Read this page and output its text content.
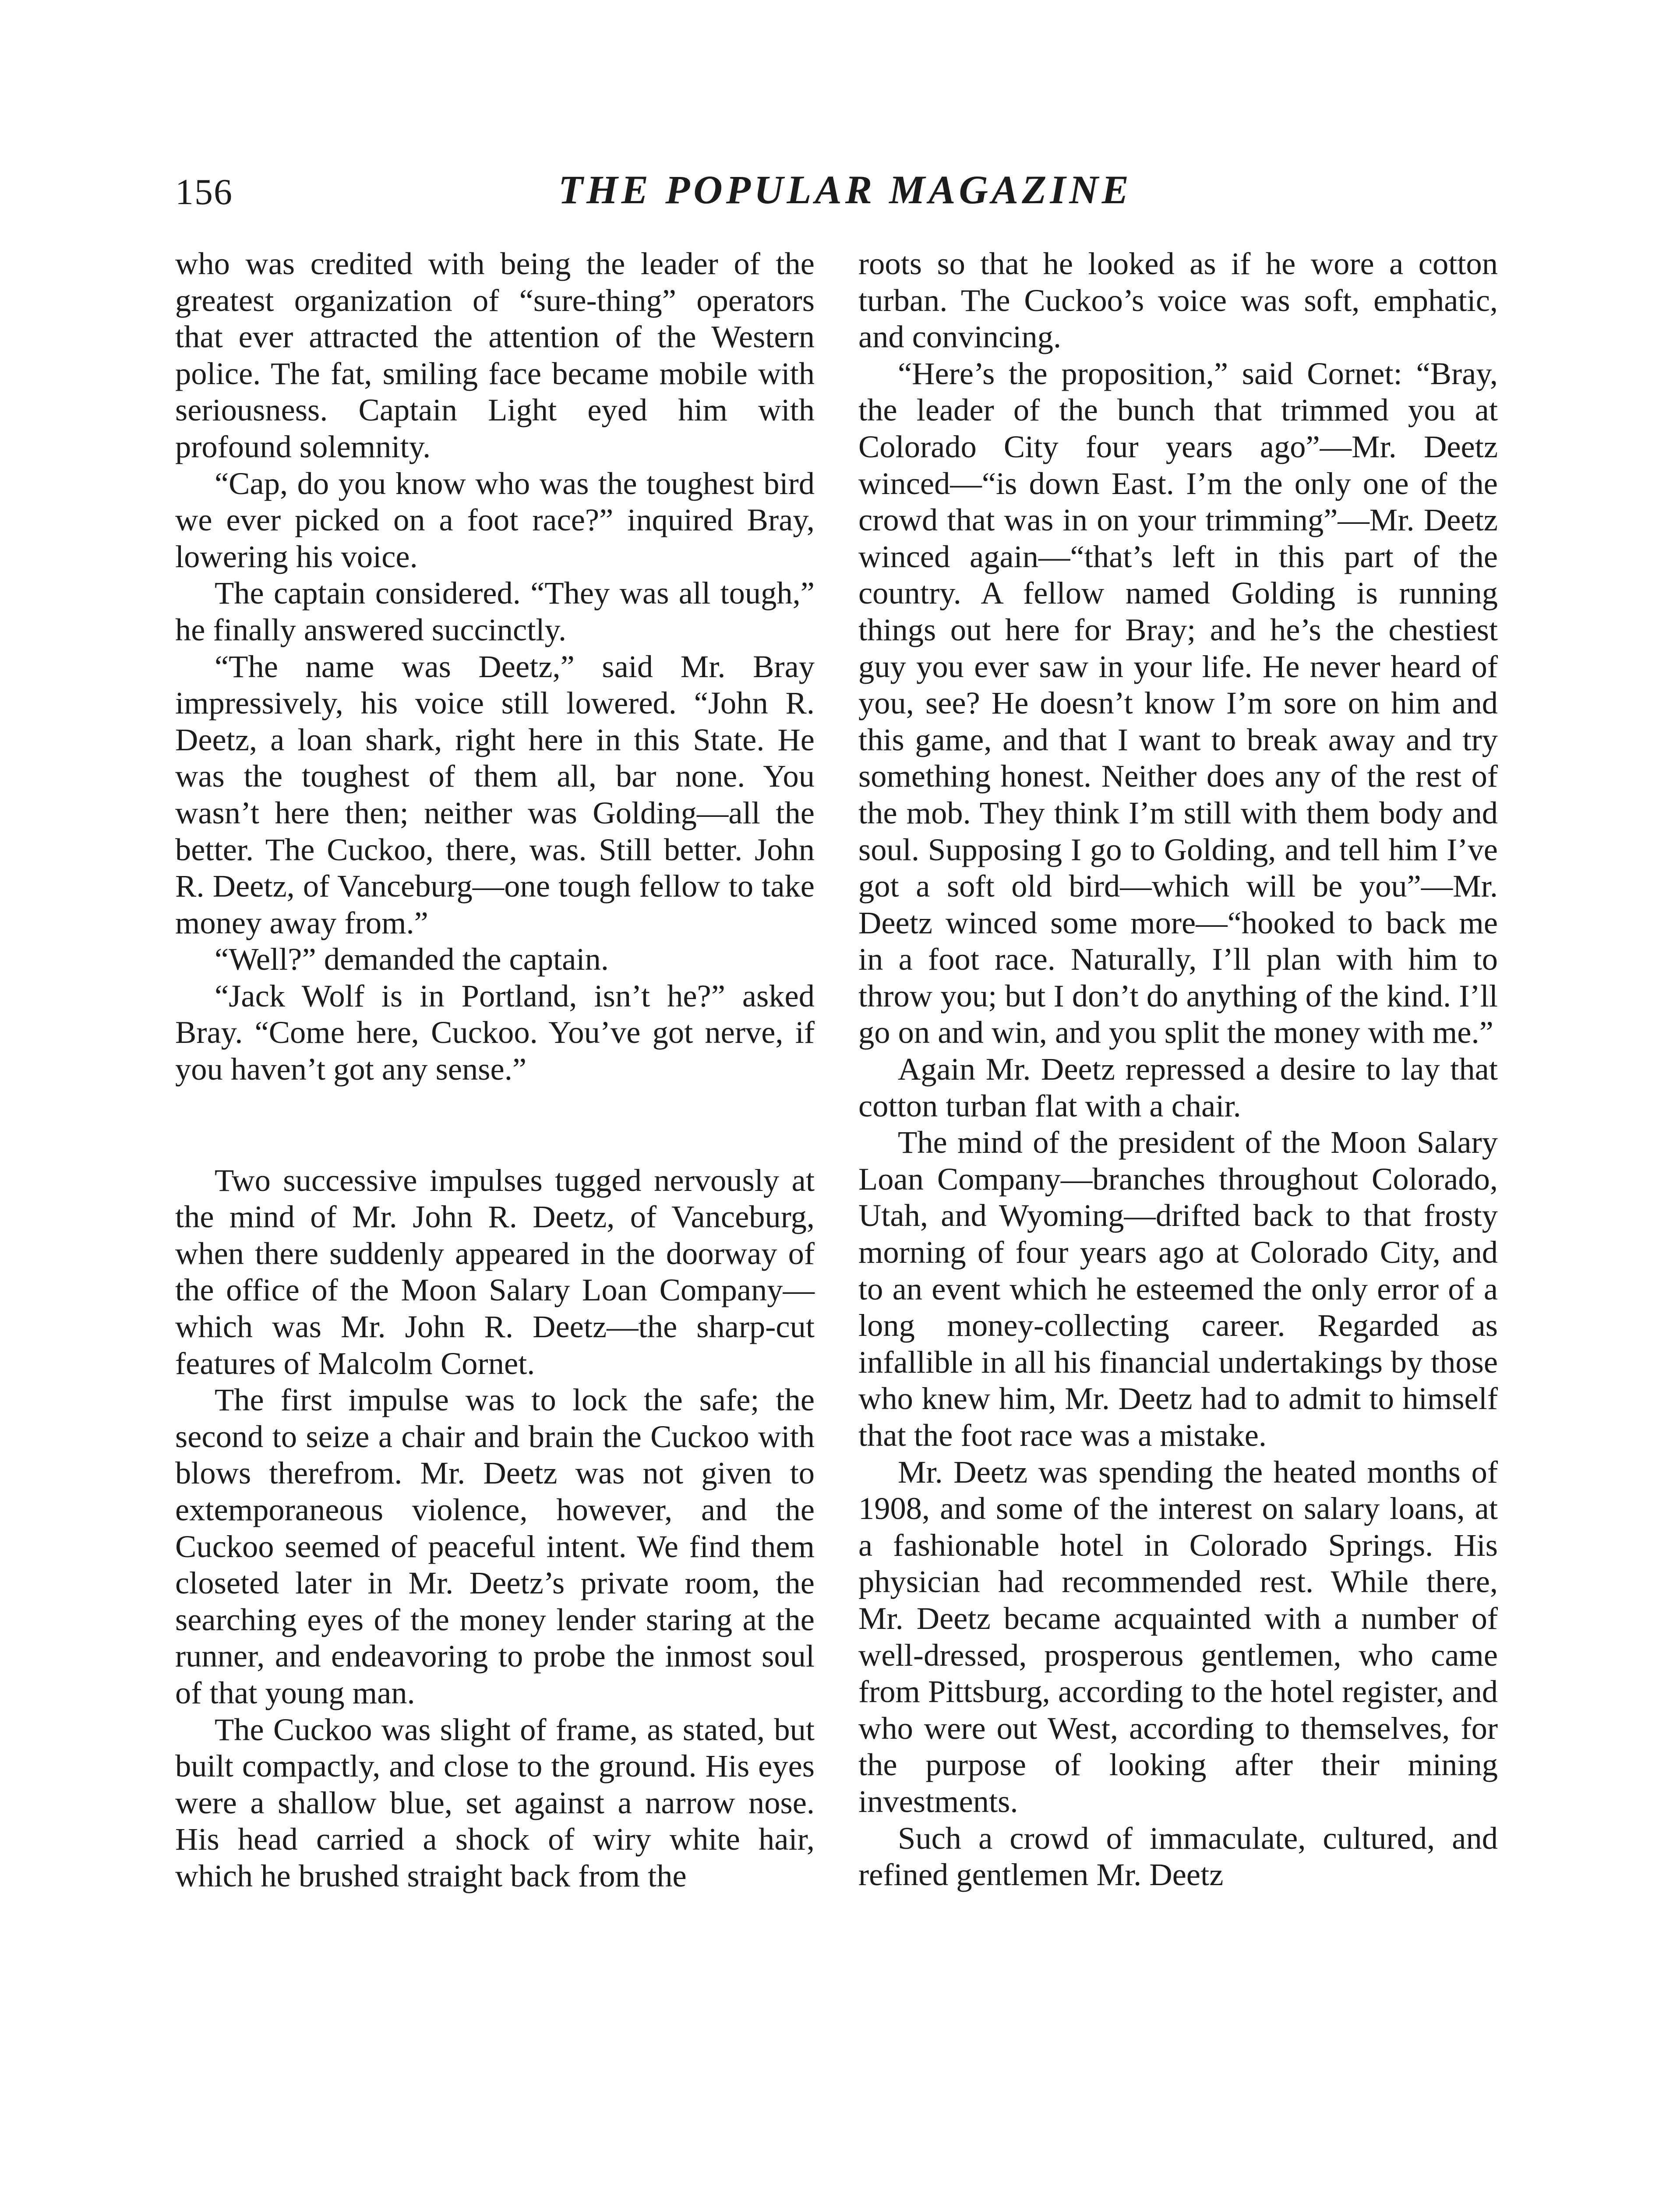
156	THE POPULAR MAGAZINE

who was credited with being the leader of the greatest organization of “sure-thing” operators that ever attracted the attention of the Western police. The fat, smiling face became mobile with seriousness. Captain Light eyed him with profound solemnity.

“Cap, do you know who was the toughest bird we ever picked on a foot race?” inquired Bray, lowering his voice.

The captain considered. “They was all tough,” he finally answered succinctly.

“The name was Deetz,” said Mr. Bray impressively, his voice still lowered. “John R. Deetz, a loan shark, right here in this State. He was the toughest of them all, bar none. You wasn’t here then; neither was Golding—all the better. The Cuckoo, there, was. Still better. John R. Deetz, of Vanceburg—one tough fellow to take money away from.”

“Well?” demanded the captain.

“Jack Wolf is in Portland, isn’t he?” asked Bray. “Come here, Cuckoo. You’ve got nerve, if you haven’t got any sense.”

Two successive impulses tugged nervously at the mind of Mr. John R. Deetz, of Vanceburg, when there suddenly appeared in the doorway of the office of the Moon Salary Loan Company—which was Mr. John R. Deetz—the sharp-cut features of Malcolm Cornet.

The first impulse was to lock the safe; the second to seize a chair and brain the Cuckoo with blows therefrom. Mr. Deetz was not given to extemporaneous violence, however, and the Cuckoo seemed of peaceful intent. We find them closeted later in Mr. Deetz’s private room, the searching eyes of the money lender staring at the runner, and endeavoring to probe the inmost soul of that young man.

The Cuckoo was slight of frame, as stated, but built compactly, and close to the ground. His eyes were a shallow blue, set against a narrow nose. His head carried a shock of wiry white hair, which he brushed straight back from the

roots so that he looked as if he wore a cotton turban. The Cuckoo’s voice was soft, emphatic, and convincing.

“Here’s the proposition,” said Cornet: “Bray, the leader of the bunch that trimmed you at Colorado City four years ago”—Mr. Deetz winced—“is down East. I’m the only one of the crowd that was in on your trimming”—Mr. Deetz winced again—“that’s left in this part of the country. A fellow named Golding is running things out here for Bray; and he’s the chestiest guy you ever saw in your life. He never heard of you, see? He doesn’t know I’m sore on him and this game, and that I want to break away and try something honest. Neither does any of the rest of the mob. They think I’m still with them body and soul. Supposing I go to Golding, and tell him I’ve got a soft old bird—which will be you”—Mr. Deetz winced some more—“hooked to back me in a foot race. Naturally, I’ll plan with him to throw you; but I don’t do anything of the kind. I’ll go on and win, and you split the money with me.”

Again Mr. Deetz repressed a desire to lay that cotton turban flat with a chair.

The mind of the president of the Moon Salary Loan Company—branches throughout Colorado, Utah, and Wyoming—drifted back to that frosty morning of four years ago at Colorado City, and to an event which he esteemed the only error of a long money-collecting career. Regarded as infallible in all his financial undertakings by those who knew him, Mr. Deetz had to admit to himself that the foot race was a mistake.

Mr. Deetz was spending the heated months of 1908, and some of the interest on salary loans, at a fashionable hotel in Colorado Springs. His physician had recommended rest. While there, Mr. Deetz became acquainted with a number of well-dressed, prosperous gentlemen, who came from Pittsburg, according to the hotel register, and who were out West, according to themselves, for the purpose of looking after their mining investments.

Such a crowd of immaculate, cultured, and refined gentlemen Mr. Deetz
